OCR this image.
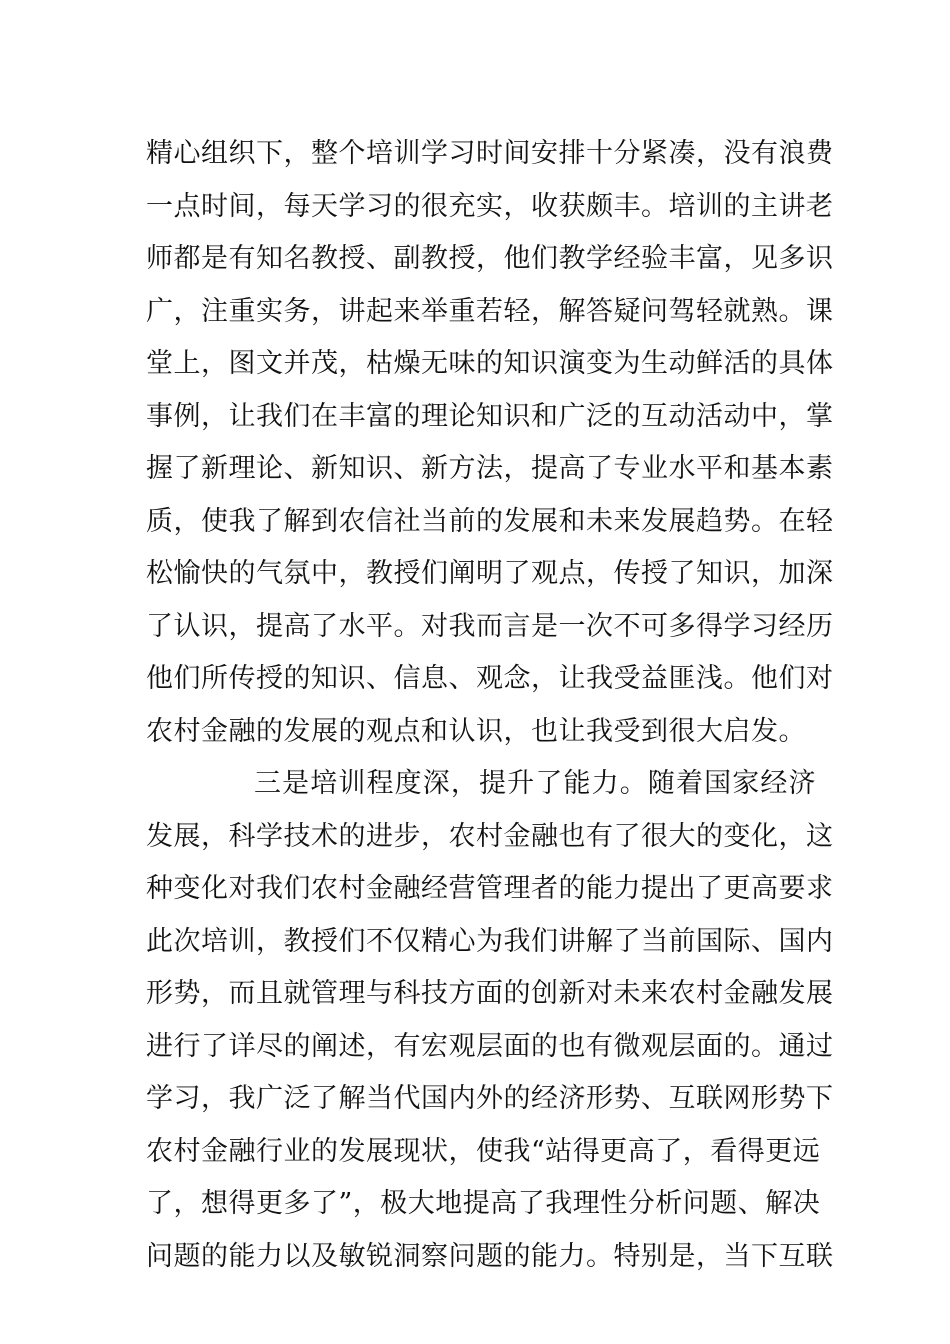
精心组织下，整个培训学习时间安排十分紧凑，没有浪费
一点时间，每天学习的很充实，收获颇丰。培训的主讲老
师都是有知名教授、副教授，他们教学经验丰富，见多识
广，注重实务，讲起来举重若轻，解答疑问驾轻就熟。课
堂上，图文并茂，枯燥无味的知识演变为生动鲜活的具体
事例，让我们在丰富的理论知识和广泛的互动活动中，掌
握了新理论、新知识、新方法，提高了专业水平和基本素
质，使我了解到农信社当前的发展和未来发展趋势。在轻
松愉快的气氛中，教授们阐明了观点，传授了知识，加深
了认识，提高了水平。对我而言是一次不可多得学习经历
他们所传授的知识、信息、观念，让我受益匪浅。他们对
农村金融的发展的观点和认识，也让我受到很大启发。
三是培训程度深，提升了能力。随着国家经济
发展，科学技术的进步，农村金融也有了很大的变化，这
种变化对我们农村金融经营管理者的能力提出了更高要求
此次培训，教授们不仅精心为我们讲解了当前国际、国内
形势，而且就管理与科技方面的创新对未来农村金融发展
进行了详尽的阐述，有宏观层面的也有微观层面的。通过
学习，我广泛了解当代国内外的经济形势、互联网形势下
农村金融行业的发展现状，使我“站得更高了，看得更远
了，想得更多了”，极大地提高了我理性分析问题、解决
问题的能力以及敏锐洞察问题的能力。特别是，当下互联
